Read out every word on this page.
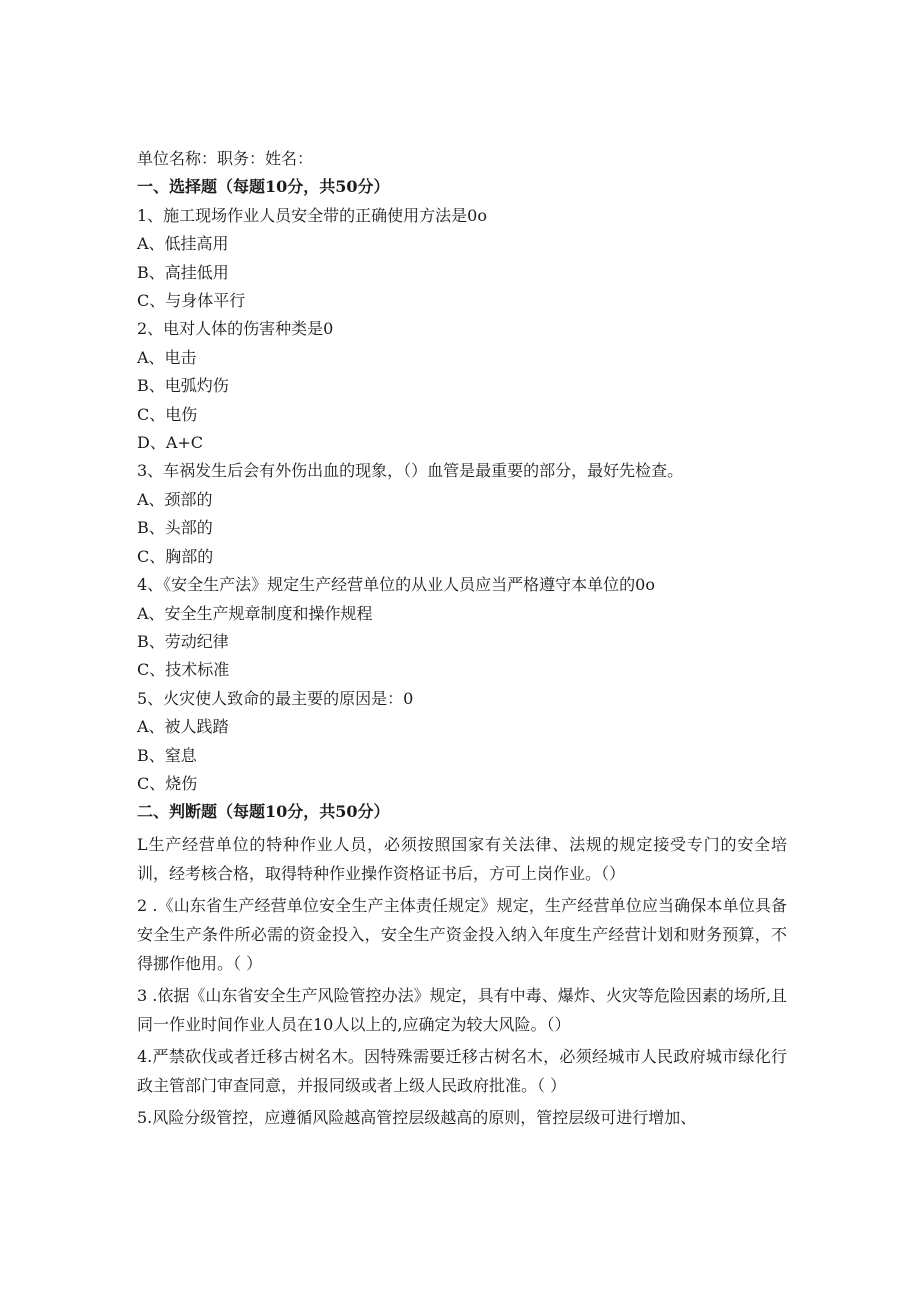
单位名称：职务：姓名：
一、选择题（每题10分，共50分）
1、施工现场作业人员安全带的正确使用方法是0o
A、低挂高用
B、高挂低用
C、与身体平行
2、电对人体的伤害种类是0
A、电击
B、电弧灼伤
C、电伤
D、A+C
3、车祸发生后会有外伤出血的现象，（）血管是最重要的部分，最好先检查。
A、颈部的
B、头部的
C、胸部的
4、《安全生产法》规定生产经营单位的从业人员应当严格遵守本单位的0o
A、安全生产规章制度和操作规程
B、劳动纪律
C、技术标准
5、火灾使人致命的最主要的原因是：0
A、被人践踏
B、窒息
C、烧伤
二、判断题（每题10分，共50分）

L生产经营单位的特种作业人员，必须按照国家有关法律、法规的规定接受专门的安全培训，经考核合格，取得特种作业操作资格证书后，方可上岗作业。（）

2 .《山东省生产经营单位安全生产主体责任规定》规定，生产经营单位应当确保本单位具备安全生产条件所必需的资金投入，安全生产资金投入纳入年度生产经营计划和财务预算，不得挪作他用。（ ）

3 .依据《山东省安全生产风险管控办法》规定，具有中毒、爆炸、火灾等危险因素的场所,且同一作业时间作业人员在10人以上的,应确定为较大风险。（）

4.严禁砍伐或者迁移古树名木。因特殊需要迁移古树名木，必须经城市人民政府城市绿化行政主管部门审查同意，并报同级或者上级人民政府批准。（ ）

5.风险分级管控，应遵循风险越高管控层级越高的原则，管控层级可进行增加、
